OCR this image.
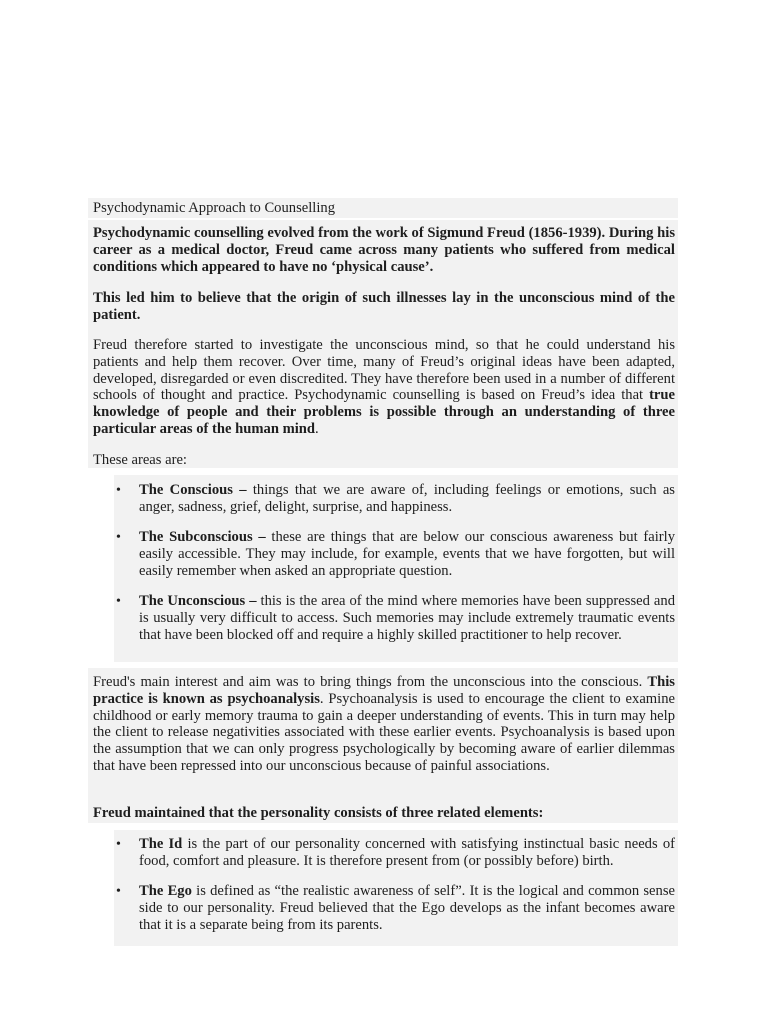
Psychodynamic Approach to Counselling

Psychodynamic counselling evolved from the work of Sigmund Freud (1856-1939). During his career as a medical doctor, Freud came across many patients who suffered from medical conditions which appeared to have no ‘physical cause’.

This led him to believe that the origin of such illnesses lay in the unconscious mind of the patient.

Freud therefore started to investigate the unconscious mind, so that he could understand his patients and help them recover. Over time, many of Freud’s original ideas have been adapted, developed, disregarded or even discredited. They have therefore been used in a number of different schools of thought and practice. Psychodynamic counselling is based on Freud’s idea that true knowledge of people and their problems is possible through an understanding of three particular areas of the human mind.

These areas are:
• The Conscious – things that we are aware of, including feelings or emotions, such as anger, sadness, grief, delight, surprise, and happiness.

• The Subconscious – these are things that are below our conscious awareness but fairly easily accessible. They may include, for example, events that we have forgotten, but will easily remember when asked an appropriate question.

• The Unconscious – this is the area of the mind where memories have been suppressed and is usually very difficult to access. Such memories may include extremely traumatic events that have been blocked off and require a highly skilled practitioner to help recover.

Freud's main interest and aim was to bring things from the unconscious into the conscious. This practice is known as psychoanalysis. Psychoanalysis is used to encourage the client to examine childhood or early memory trauma to gain a deeper understanding of events. This in turn may help the client to release negativities associated with these earlier events. Psychoanalysis is based upon the assumption that we can only progress psychologically by becoming aware of earlier dilemmas that have been repressed into our unconscious because of painful associations.

Freud maintained that the personality consists of three related elements:

• The Id is the part of our personality concerned with satisfying instinctual basic needs of food, comfort and pleasure. It is therefore present from (or possibly before) birth.

• The Ego is defined as “the realistic awareness of self”. It is the logical and common sense side to our personality. Freud believed that the Ego develops as the infant becomes aware that it is a separate being from its parents.
